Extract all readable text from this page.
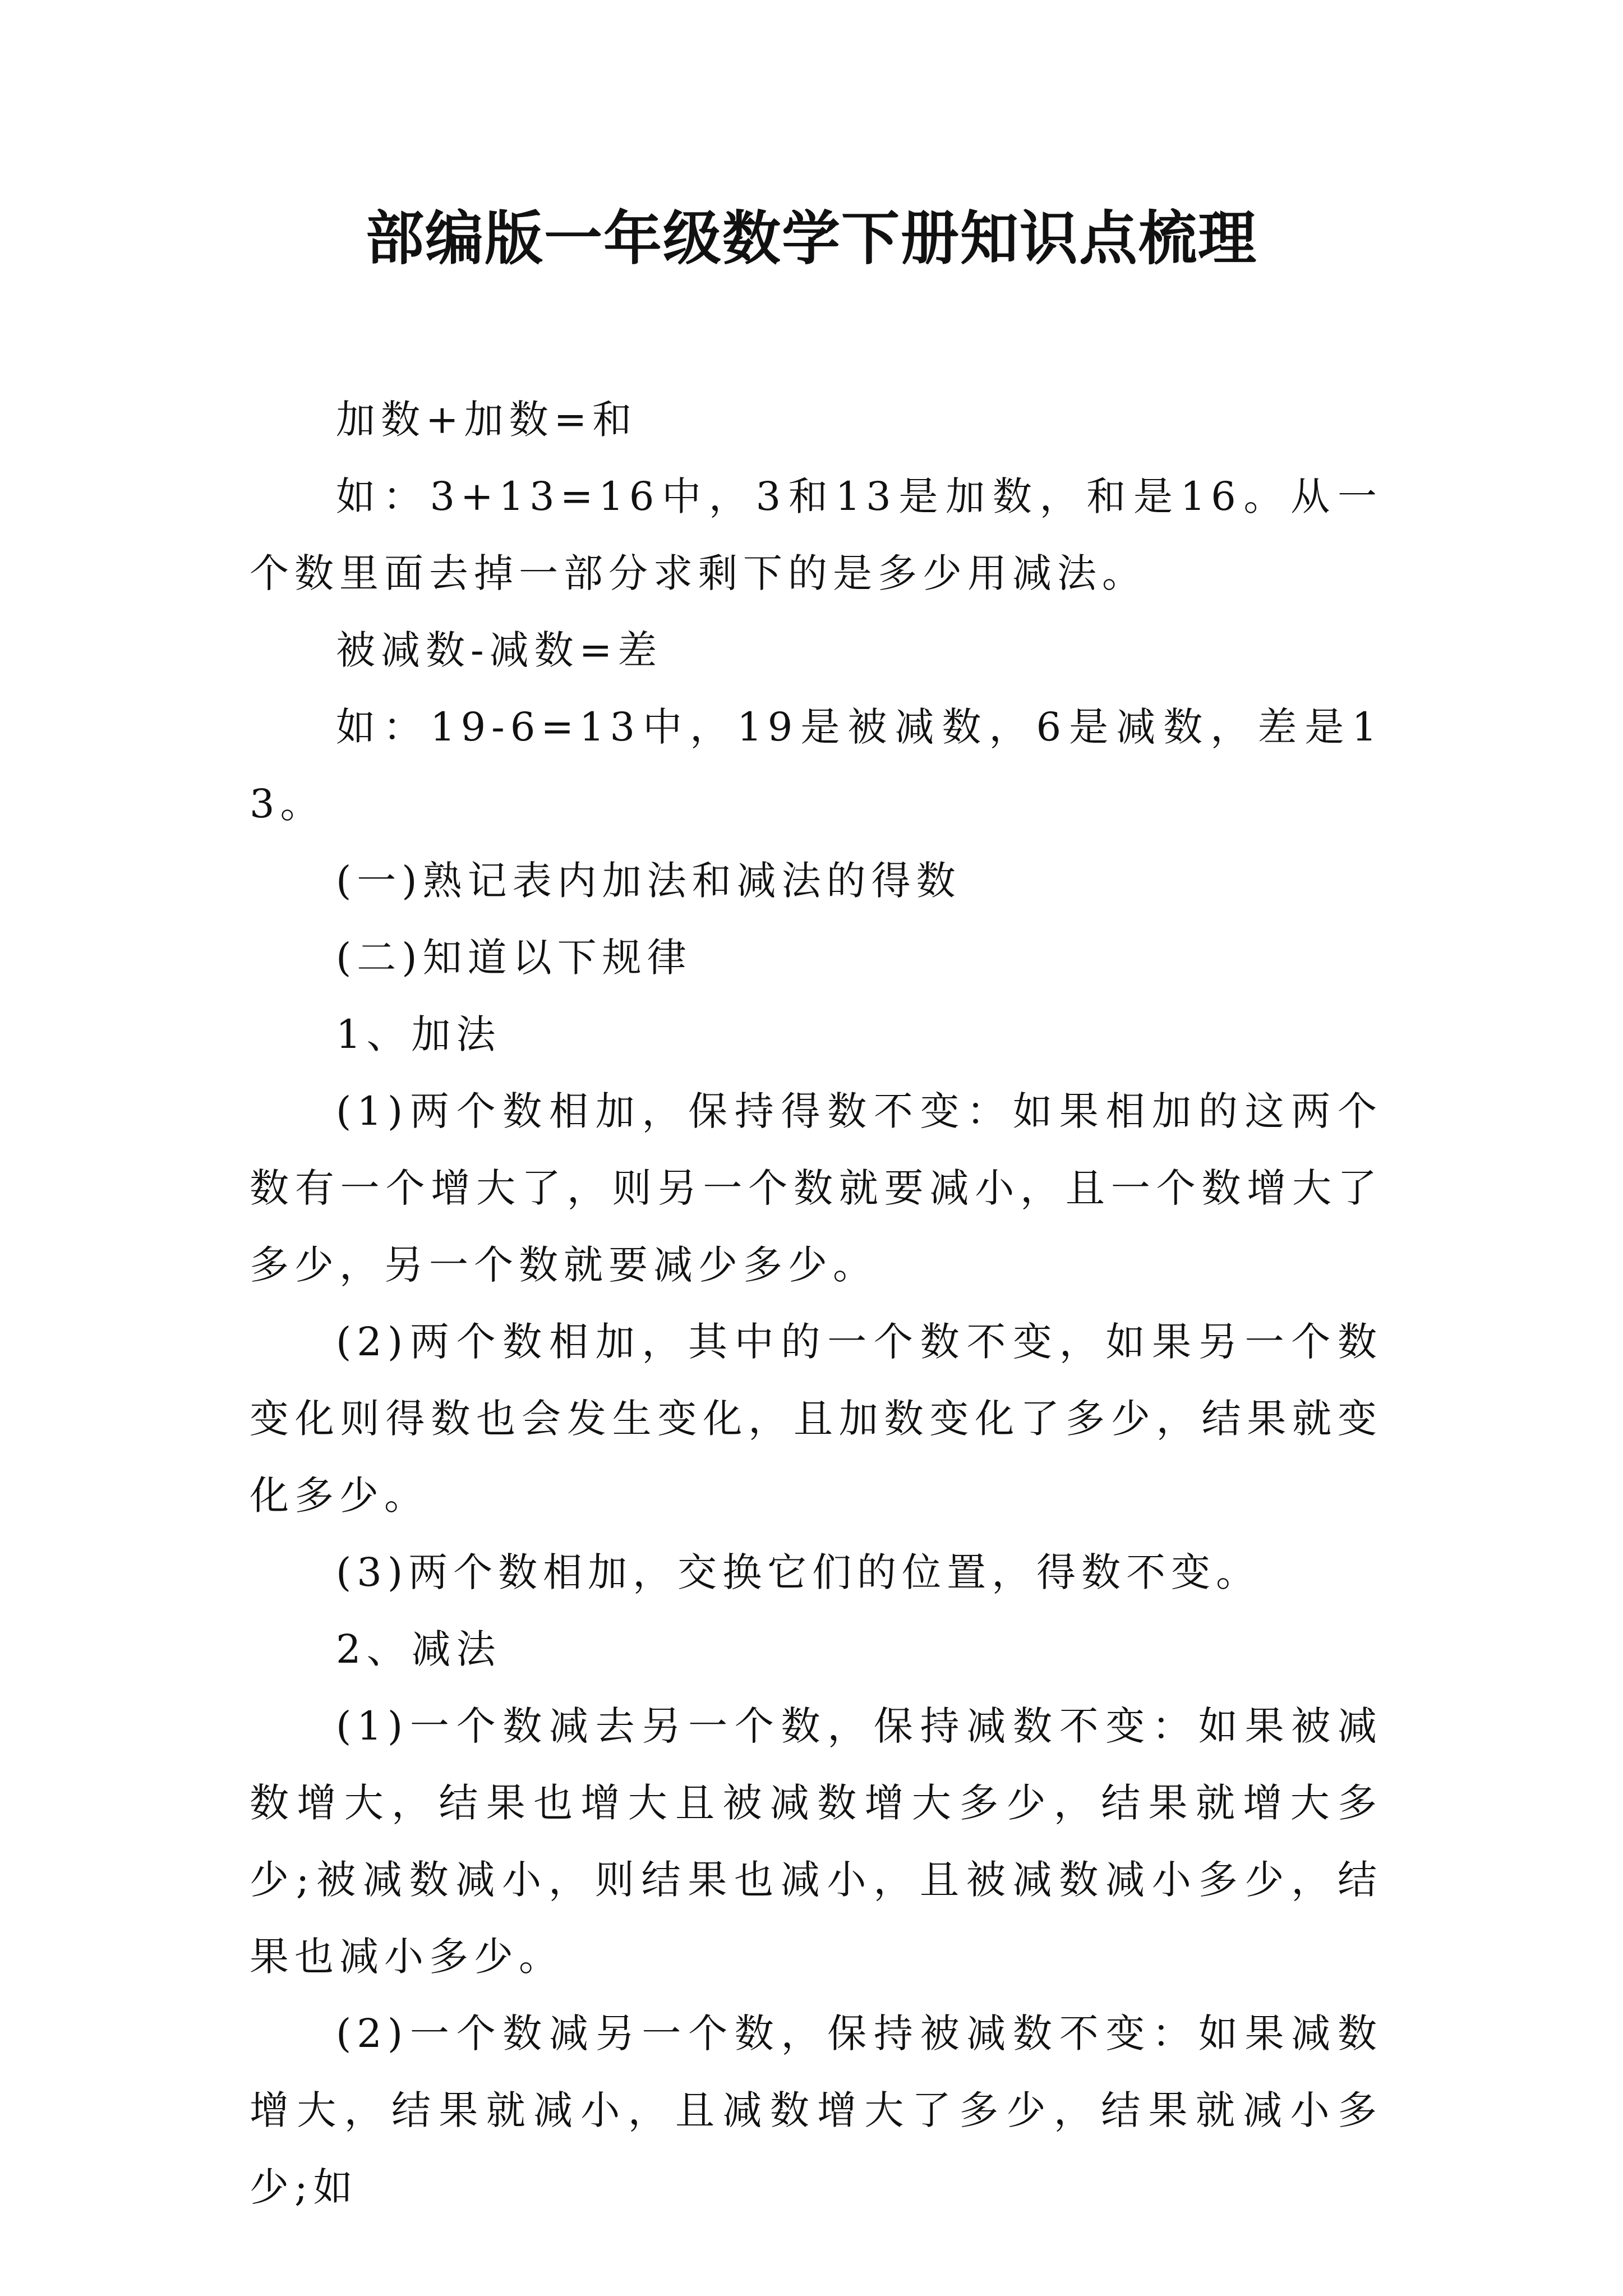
部编版一年级数学下册知识点梳理

加数+加数=和

如：3+13=16中，3和13是加数，和是16。从一个数里面去掉一部分求剩下的是多少用减法。

被减数-减数=差

如：19-6=13中，19是被减数，6是减数，差是13。

(一)熟记表内加法和减法的得数

(二)知道以下规律

1、加法

(1)两个数相加，保持得数不变：如果相加的这两个数有一个增大了，则另一个数就要减小，且一个数增大了多少，另一个数就要减少多少。

(2)两个数相加，其中的一个数不变，如果另一个数变化则得数也会发生变化，且加数变化了多少，结果就变化多少。

(3)两个数相加，交换它们的位置，得数不变。

2、减法

(1)一个数减去另一个数，保持减数不变：如果被减数增大，结果也增大且被减数增大多少，结果就增大多少;被减数减小，则结果也减小，且被减数减小多少，结果也减小多少。

(2)一个数减另一个数，保持被减数不变：如果减数增大，结果就减小，且减数增大了多少，结果就减小多少;如
